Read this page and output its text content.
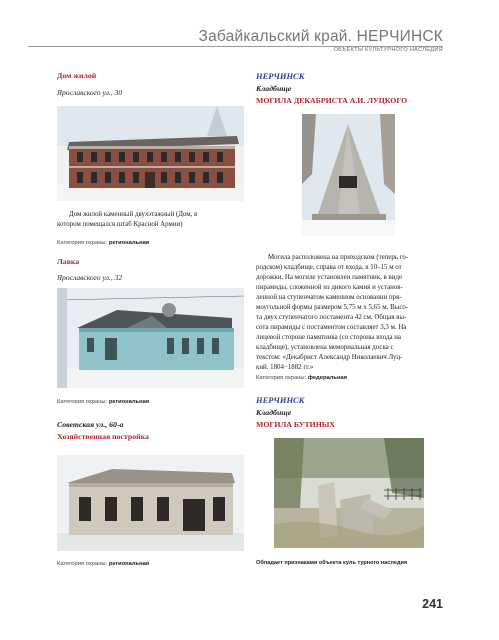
Забайкальский край. НЕРЧИНСК
ОБЪЕКТЫ КУЛЬТУРНОГО НАСЛЕДИЯ
Дом жилой
Ярославского ул., 30
Дом жилой каменный двухэтажный (Дом, в
котором помещался штаб Красной Армии)
Категория охраны: региональная
Лавка
Ярославского ул., 32
Категория охраны: региональная
Советская ул., 60-а
Хозяйственная постройка
Категория охраны: региональная
НЕРЧИНСК
Кладбище
МОГИЛА ДЕКАБРИСТА А.И. ЛУЦКОГО
Могила расположена на приходском (теперь го-
родском) кладбище, справа от входа, в 10–15 м от
дорожки. На могиле установлен памятник, в виде
пирамиды, сложенной из дикого камня и установ-
ленной на ступенчатом каменном основании пря-
моугольной формы размером 5,75 м х 5,65 м. Высо-
та двух ступенчатого постамента 42 см. Общая вы-
сота пирамиды с постаментом составляет 3,3 м. На
лицевой стороне памятника (со стороны входа на
кладбище), установлена мемориальная доска с
текстом: «Декабрист Александр Николаевич Луц-
кий. 1804−1882 гг.»
Категория охраны: федеральная
НЕРЧИНСК
Кладбище
МОГИЛА БУТИНЫХ
Обладает признаками объекта куль турного наследия
241
